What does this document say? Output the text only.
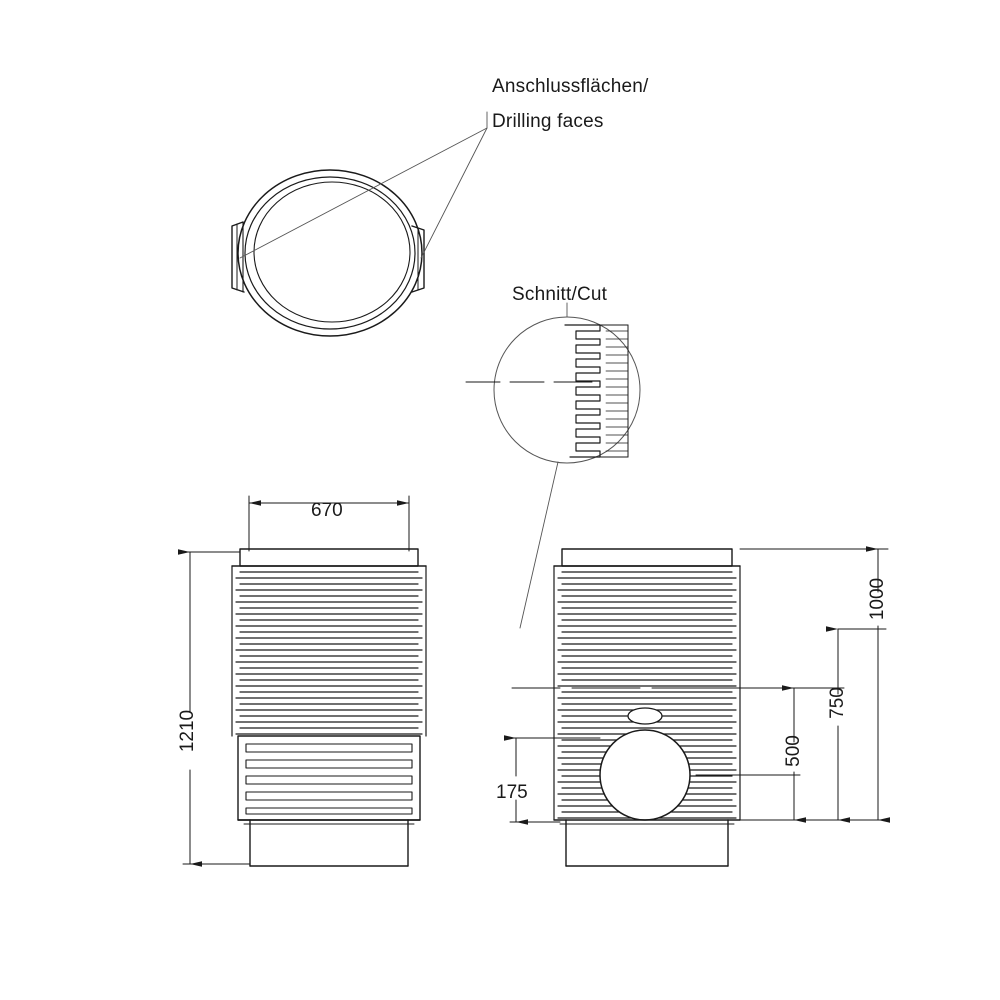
Anschlussflächen/
Drilling faces
Schnitt/Cut
670
1210
1000
750
500
175
